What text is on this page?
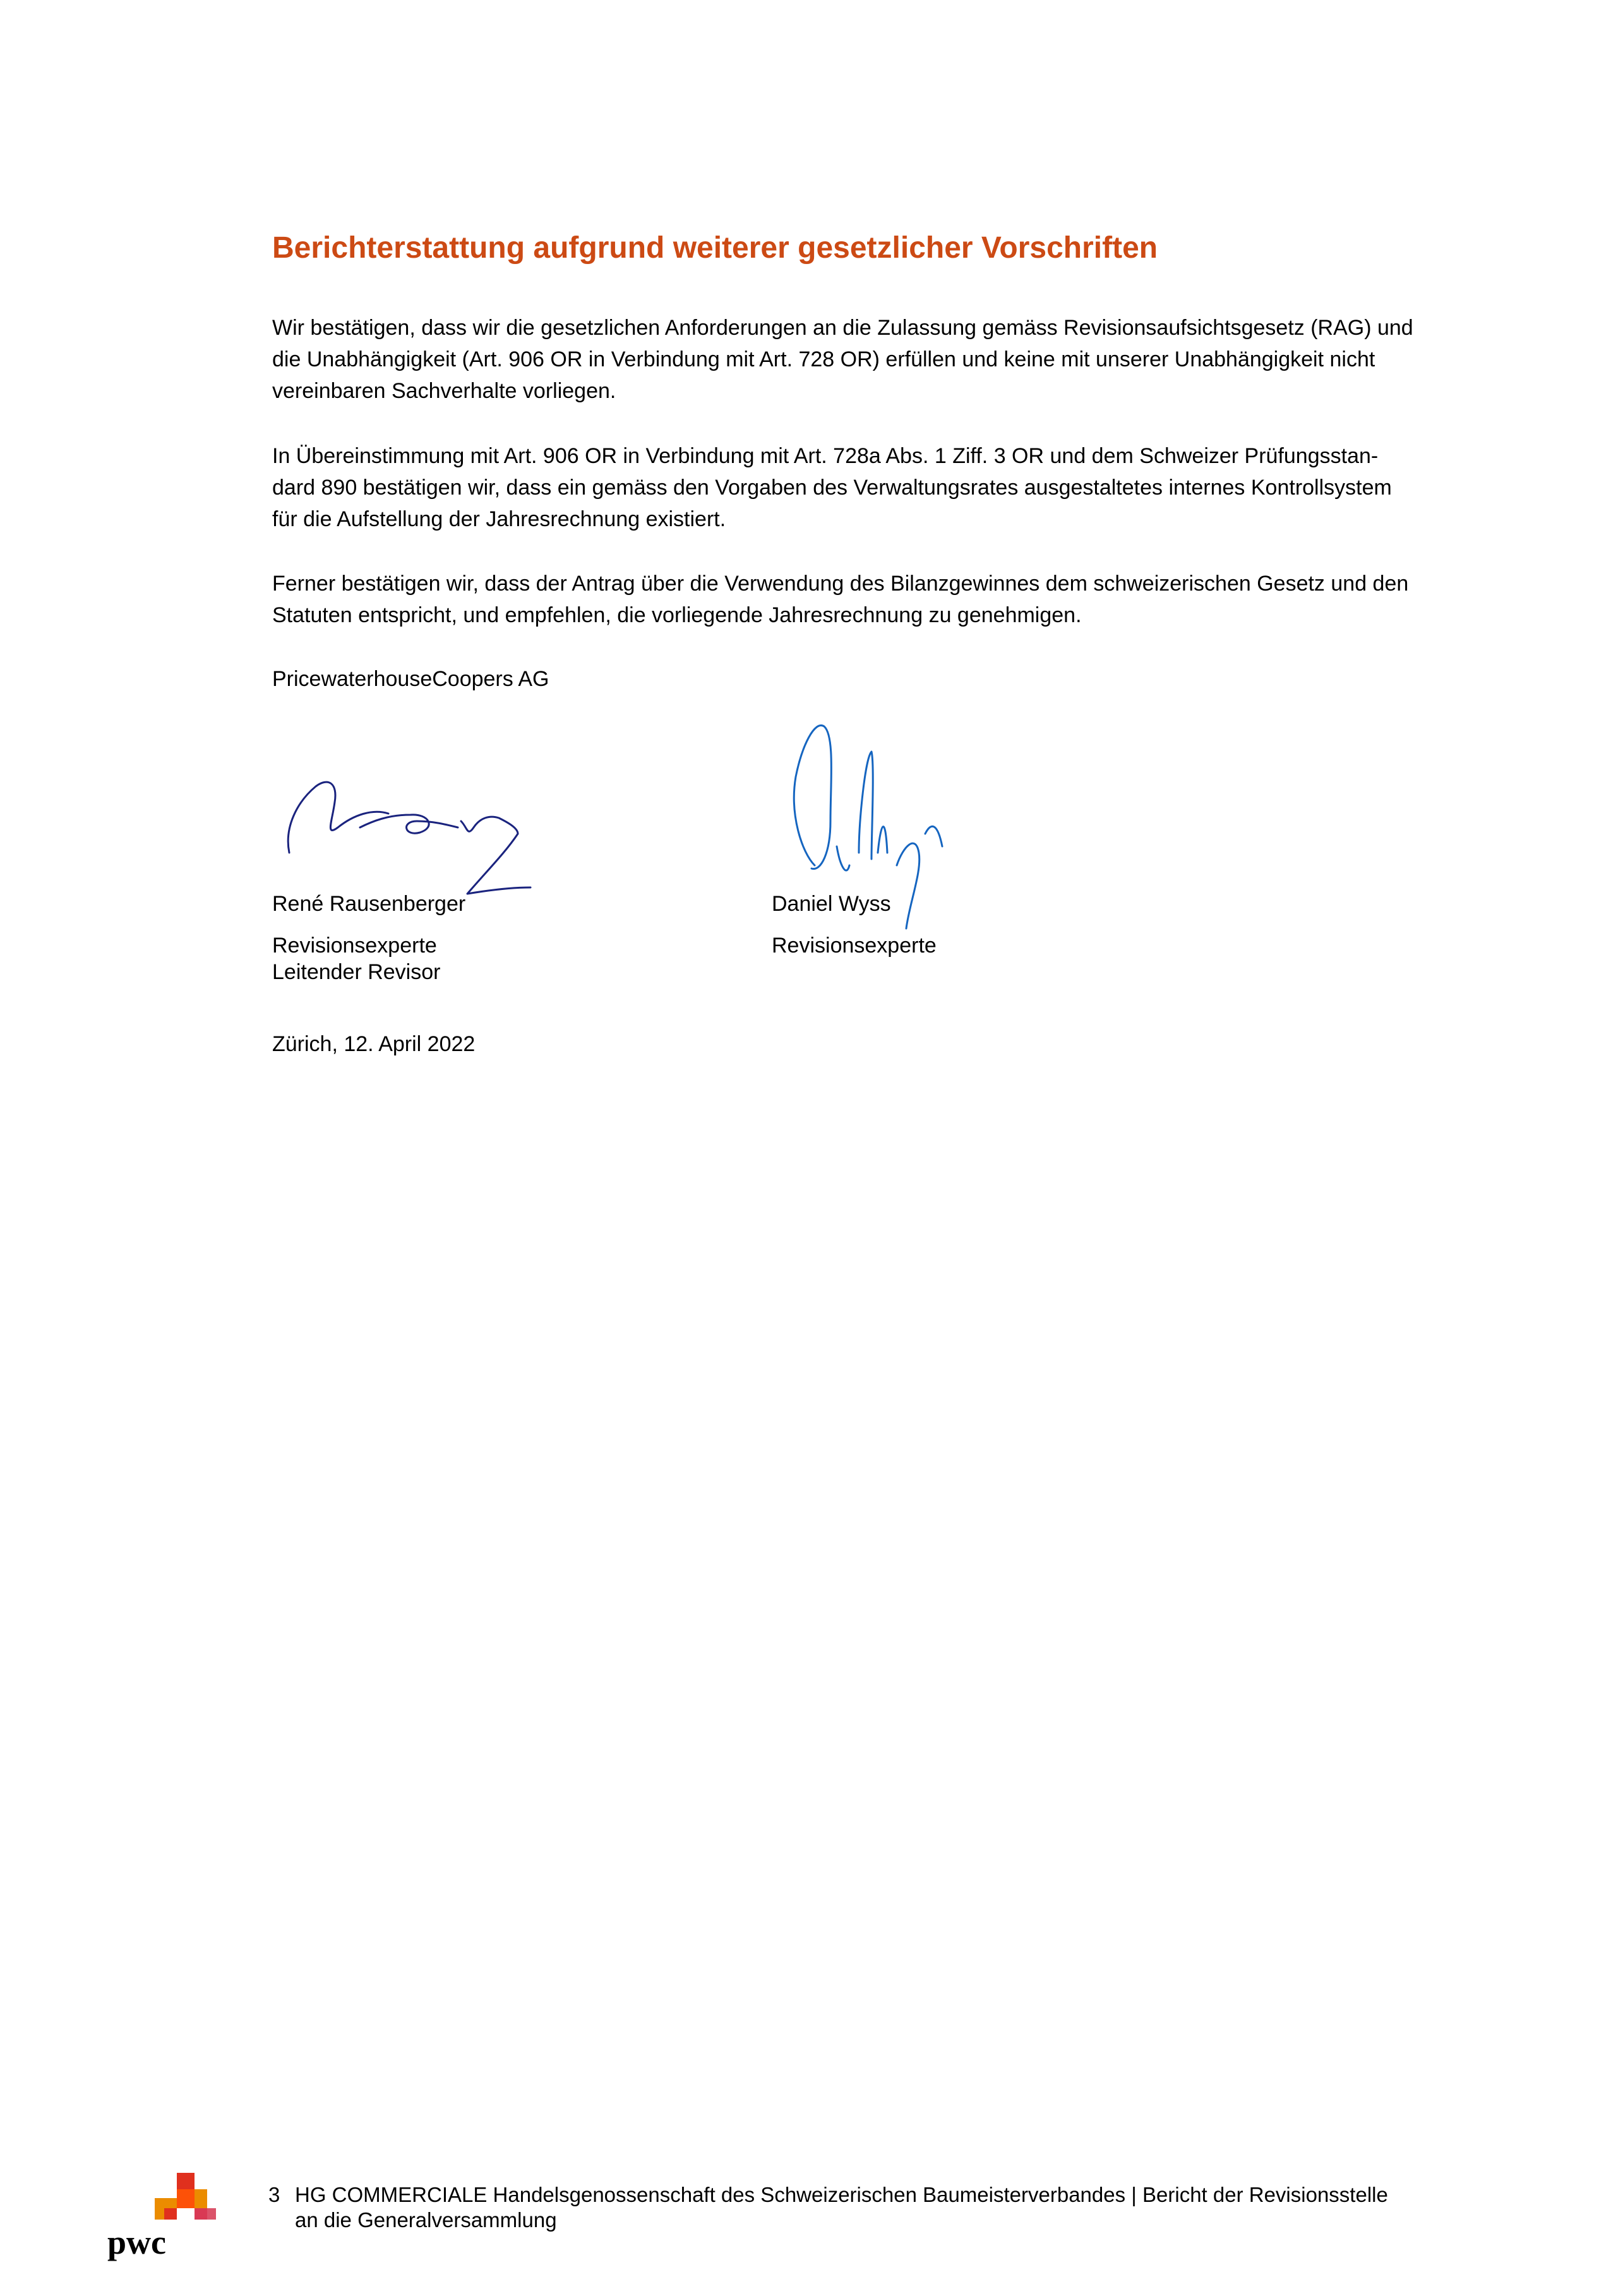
Berichterstattung aufgrund weiterer gesetzlicher Vorschriften
Wir bestätigen, dass wir die gesetzlichen Anforderungen an die Zulassung gemäss Revisionsaufsichtsgesetz (RAG) und
die Unabhängigkeit (Art. 906 OR in Verbindung mit Art. 728 OR) erfüllen und keine mit unserer Unabhängigkeit nicht
vereinbaren Sachverhalte vorliegen.
In Übereinstimmung mit Art. 906 OR in Verbindung mit Art. 728a Abs. 1 Ziff. 3 OR und dem Schweizer Prüfungsstan-
dard 890 bestätigen wir, dass ein gemäss den Vorgaben des Verwaltungsrates ausgestaltetes internes Kontrollsystem
für die Aufstellung der Jahresrechnung existiert.
Ferner bestätigen wir, dass der Antrag über die Verwendung des Bilanzgewinnes dem schweizerischen Gesetz und den
Statuten entspricht, und empfehlen, die vorliegende Jahresrechnung zu genehmigen.
PricewaterhouseCoopers AG
René Rausenberger
Revisionsexperte
Leitender Revisor
Daniel Wyss
Revisionsexperte
Zürich, 12. April 2022
pwc
3 HG COMMERCIALE Handelsgenossenschaft des Schweizerischen Baumeisterverbandes | Bericht der Revisionsstelle
an die Generalversammlung
